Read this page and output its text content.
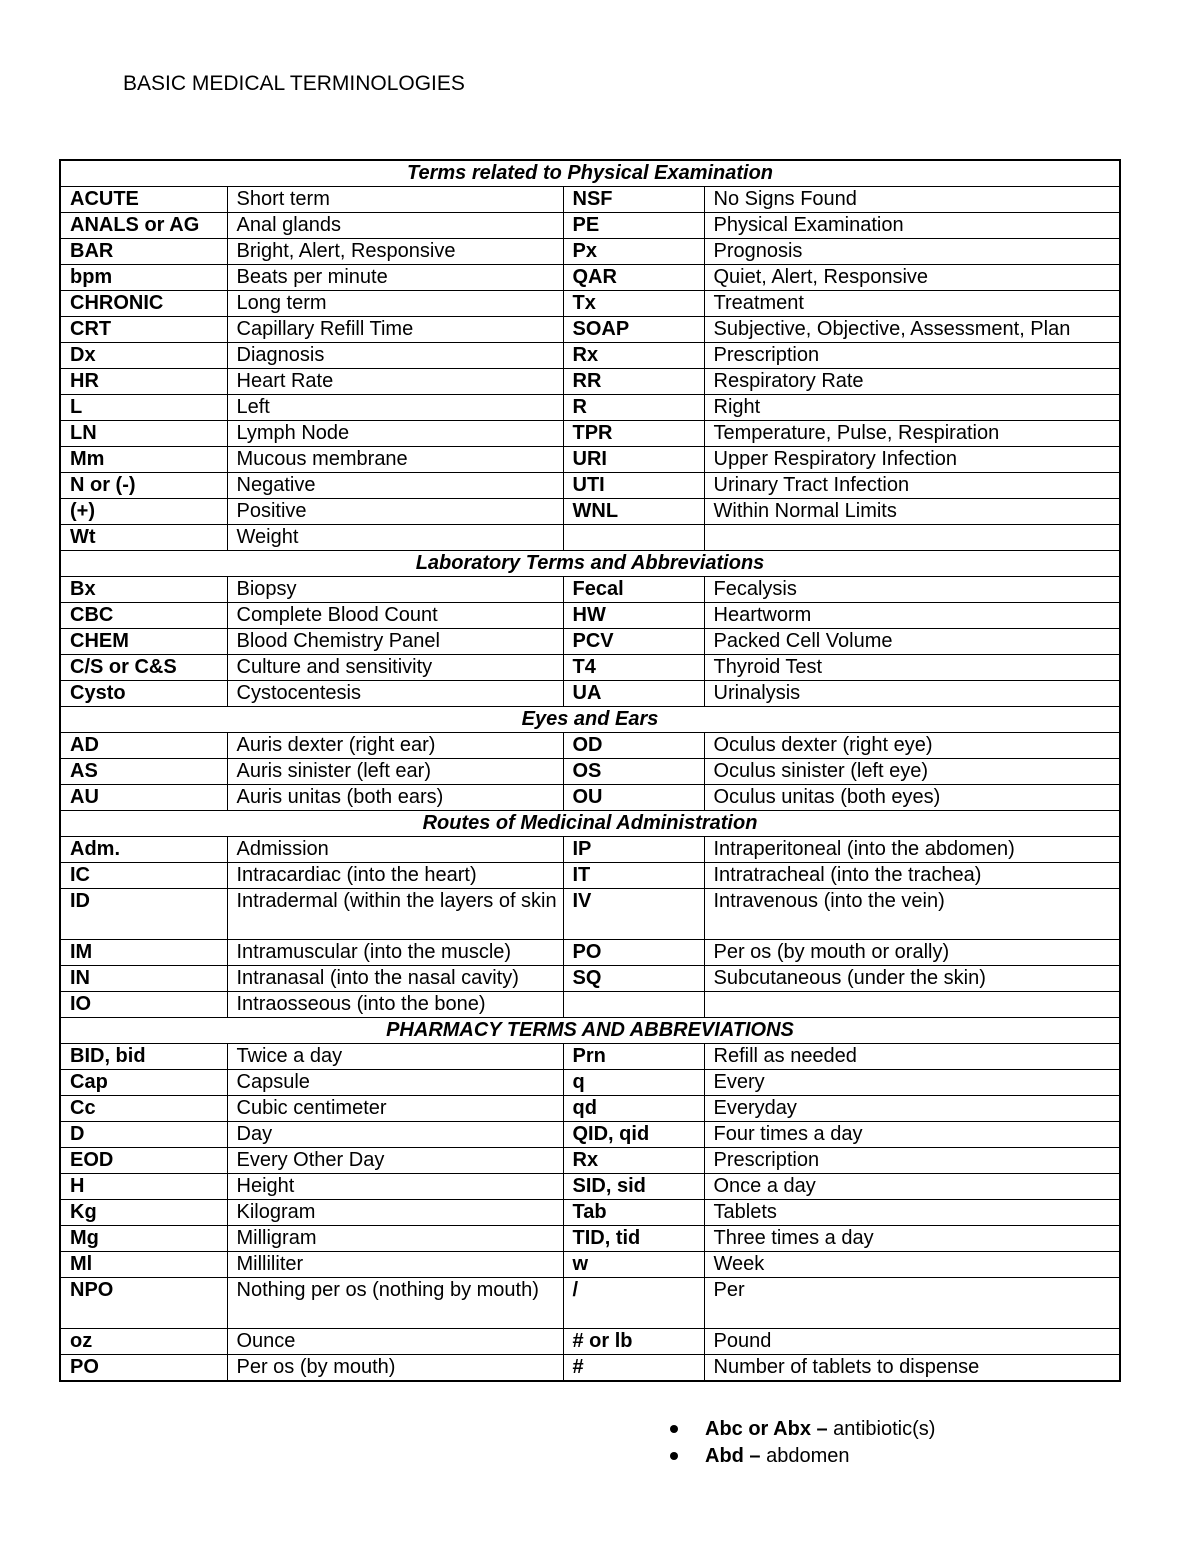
BASIC MEDICAL TERMINOLOGIES
Terms related to Physical Examination			
ACUTE	Short term	NSF	No Signs Found
ANALS or AG	Anal glands	PE	Physical Examination
BAR	Bright, Alert, Responsive	Px	Prognosis
bpm	Beats per minute	QAR	Quiet, Alert, Responsive
CHRONIC	Long term	Tx	Treatment
CRT	Capillary Refill Time	SOAP	Subjective, Objective, Assessment, Plan
Dx	Diagnosis	Rx	Prescription
HR	Heart Rate	RR	Respiratory Rate
L	Left	R	Right
LN	Lymph Node	TPR	Temperature, Pulse, Respiration
Mm	Mucous membrane	URI	Upper Respiratory Infection
N or (-)	Negative	UTI	Urinary Tract Infection
(+)	Positive	WNL	Within Normal Limits
Wt	Weight		
Laboratory Terms and Abbreviations			
Bx	Biopsy	Fecal	Fecalysis
CBC	Complete Blood Count	HW	Heartworm
CHEM	Blood Chemistry Panel	PCV	Packed Cell Volume
C/S or C&S	Culture and sensitivity	T4	Thyroid Test
Cysto	Cystocentesis	UA	Urinalysis
Eyes and Ears			
AD	Auris dexter (right ear)	OD	Oculus dexter (right eye)
AS	Auris sinister (left ear)	OS	Oculus sinister (left eye)
AU	Auris unitas (both ears)	OU	Oculus unitas (both eyes)
Routes of Medicinal Administration			
Adm.	Admission	IP	Intraperitoneal (into the abdomen)
IC	Intracardiac (into the heart)	IT	Intratracheal (into the trachea)
ID	Intradermal (within the layers of skin	IV	Intravenous (into the vein)
IM	Intramuscular (into the muscle)	PO	Per os (by mouth or orally)
IN	Intranasal (into the nasal cavity)	SQ	Subcutaneous (under the skin)
IO	Intraosseous (into the bone)		
PHARMACY TERMS AND ABBREVIATIONS			
BID, bid	Twice a day	Prn	Refill as needed
Cap	Capsule	q	Every
Cc	Cubic centimeter	qd	Everyday
D	Day	QID, qid	Four times a day
EOD	Every Other Day	Rx	Prescription
H	Height	SID, sid	Once a day
Kg	Kilogram	Tab	Tablets
Mg	Milligram	TID, tid	Three times a day
Ml	Milliliter	w	Week
NPO	Nothing per os (nothing by mouth)	/	Per
oz	Ounce	# or lb	Pound
PO	Per os (by mouth)	#	Number of tablets to dispense
Abc or Abx – antibiotic(s)
Abd – abdomen
